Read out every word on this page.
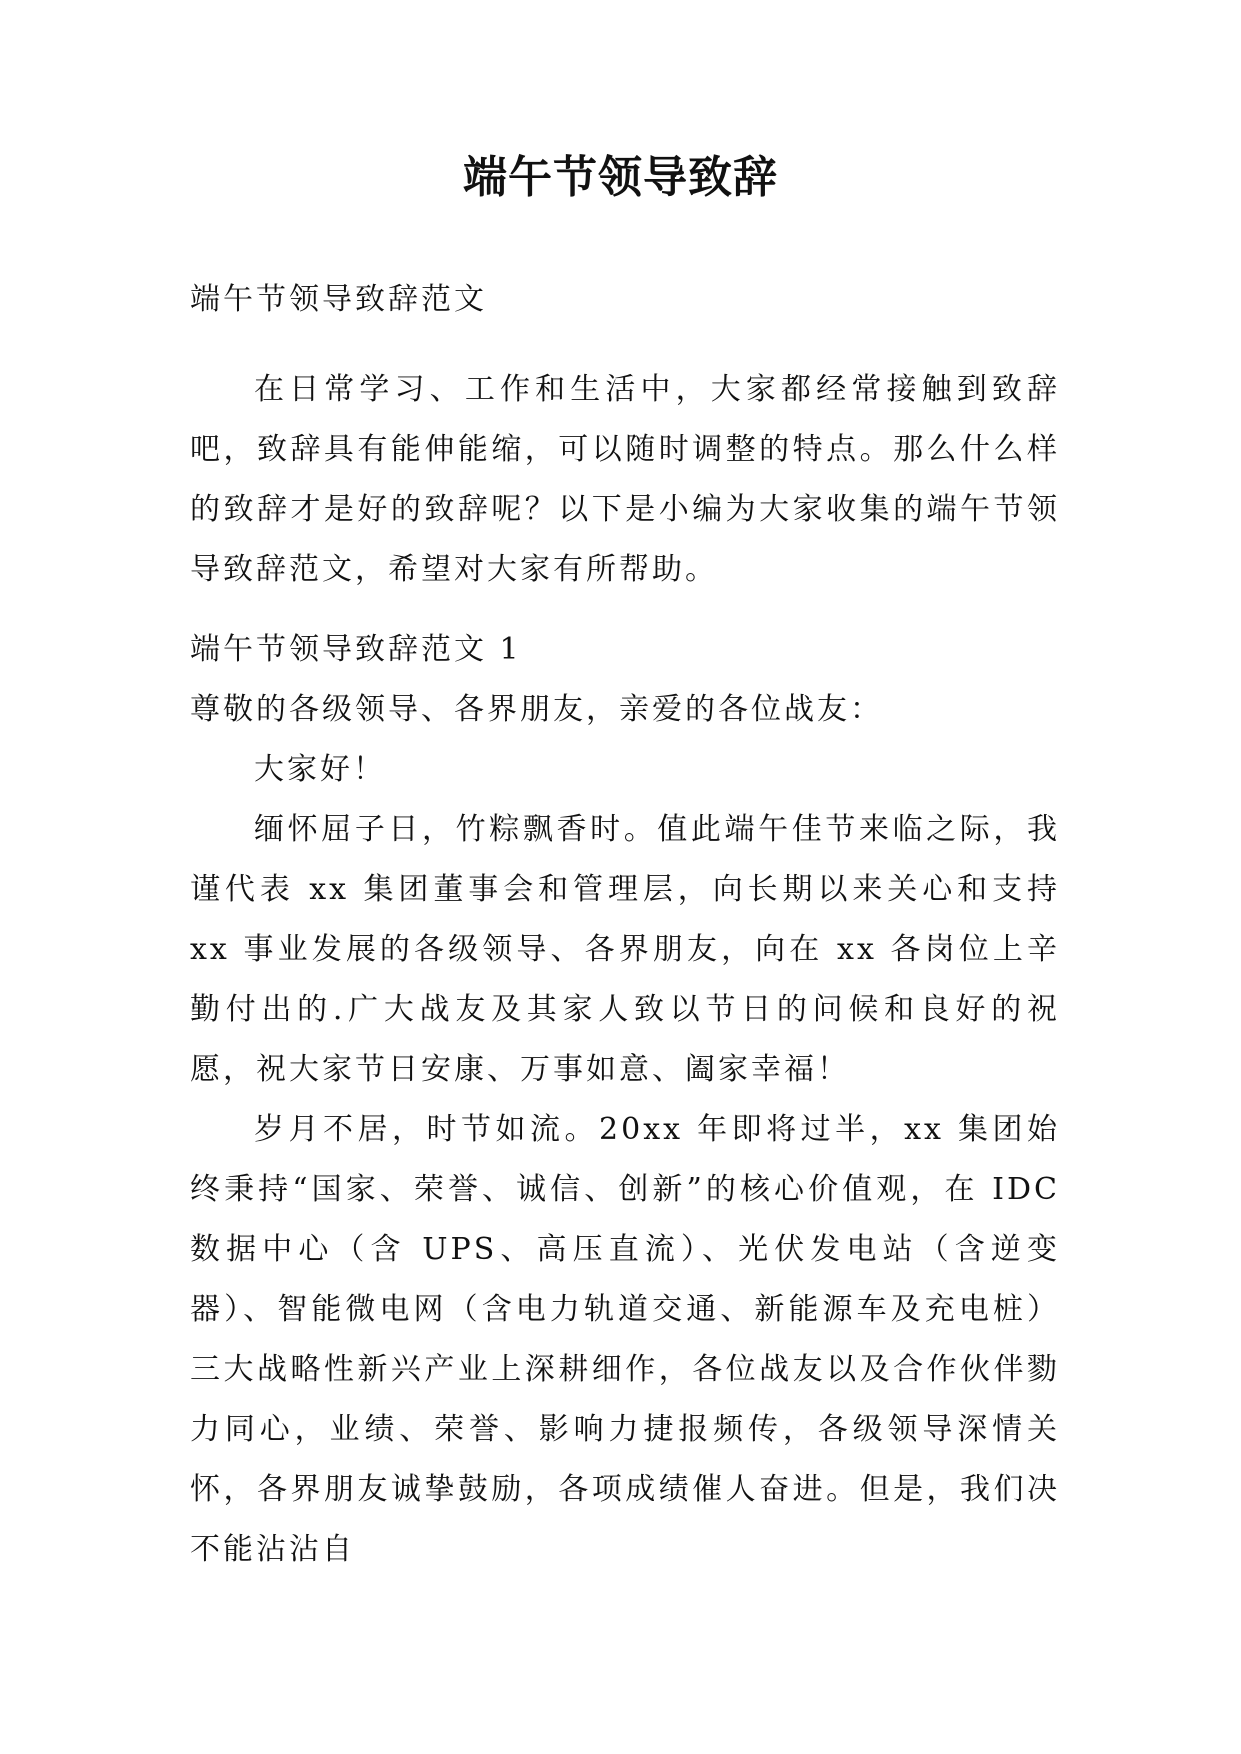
端午节领导致辞

端午节领导致辞范文

在日常学习、工作和生活中，大家都经常接触到致辞吧，致辞具有能伸能缩，可以随时调整的特点。那么什么样的致辞才是好的致辞呢？以下是小编为大家收集的端午节领导致辞范文，希望对大家有所帮助。

端午节领导致辞范文 1

尊敬的各级领导、各界朋友，亲爱的各位战友：

大家好！

缅怀屈子日，竹粽飘香时。值此端午佳节来临之际，我谨代表 xx 集团董事会和管理层，向长期以来关心和支持 xx 事业发展的各级领导、各界朋友，向在 xx 各岗位上辛勤付出的.广大战友及其家人致以节日的问候和良好的祝愿，祝大家节日安康、万事如意、阖家幸福！

岁月不居，时节如流。20xx 年即将过半，xx 集团始终秉持“国家、荣誉、诚信、创新”的核心价值观，在 IDC 数据中心（含 UPS、高压直流）、光伏发电站（含逆变器）、智能微电网（含电力轨道交通、新能源车及充电桩）三大战略性新兴产业上深耕细作，各位战友以及合作伙伴勠力同心，业绩、荣誉、影响力捷报频传，各级领导深情关怀，各界朋友诚挚鼓励，各项成绩催人奋进。但是，我们决不能沾沾自
